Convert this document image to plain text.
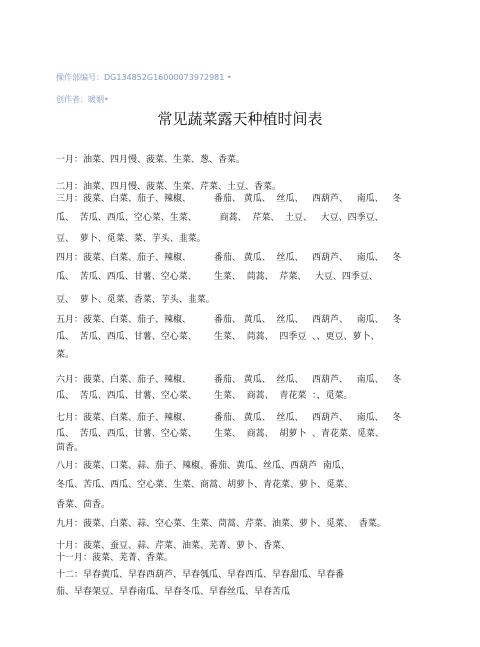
操作部编号：DG134852G16000073972981 •
创作者：暖姻•
常见蔬菜露天种植时间表
一月：油菜、四月慢、菠菜、生菜、葱、香菜。
二月：油菜、四月慢、菠菜、生菜、芹菜、土豆、香菜。
三月：菠菜、白菜、茄子、辣椒、        番茄、 黄瓜、  丝瓜、   西葫芦、   南瓜、   冬
瓜、  苦瓜、西瓜、空心菜、生菜、        商蒿、  芹菜、  土豆、   大豆、四季豆、
豆、  萝卜、觅菜、菜、芋头、韭菜。
四月：菠菜、白菜、茄子、辣椒、        番茄、 黄瓜、  丝瓜、   西葫芦、   南瓜、   冬
瓜、  苦瓜、西瓜、甘薯、空心菜、      生菜、  茼蒿、  芹菜、   大豆、四季豆、
豆、  萝卜、觅菜、香菜、芋头、韭菜。
五月：菠菜、白菜、茄子、辣椒、        番茄、 黄瓜、  丝瓜、   西葫芦、   南瓜、   冬
瓜、  苦瓜、西瓜、甘薯、空心菜、      生菜、  茼蒿、  四季豆  、、更豆、萝卜、
菜。
六月：菠菜、白菜、茄子、辣椒、        番茄、 黄瓜、  丝瓜、   西葫芦、   南瓜、   冬
瓜、  苦瓜、西瓜、甘薯、空心菜、      生菜、  商蒿、  青花菜  ：、觅菜。
七月：菠菜、白菜、茄子、辣椒、        番茄、 黄瓜、  丝瓜、   西葫芦、   南瓜、   冬
瓜、  苦瓜、西瓜、甘薯、空心菜、      生菜、  商蒿、  胡萝卜  、青花菜、觅菜、
茴香。
八月：菠菜、口菜、蒜、茄子、辣椒、番茄、黄瓜、丝瓜、西葫芦  南瓜、
冬瓜、苦瓜、西瓜、空心菜、生菜、商蒿、胡萝卜、青花菜、萝卜、觅菜、
香菜、茴香。
九月：菠菜、白菜、蒜、空心菜、生菜、茼蒿、芹菜、油菜、萝卜、觅菜、  香菜。
十月：菠菜、蚕豆、蒜、芹菜、油菜、芜菁、萝卜、香菜、
十一月：菠菜、芜菁、香菜。
十二：早春黄瓜、早春西葫芦、早春瓠瓜、早春西瓜、早春甜瓜、早春番
茄、早春架豆、早春南瓜、早春冬瓜、早春丝瓜、早春苦瓜
